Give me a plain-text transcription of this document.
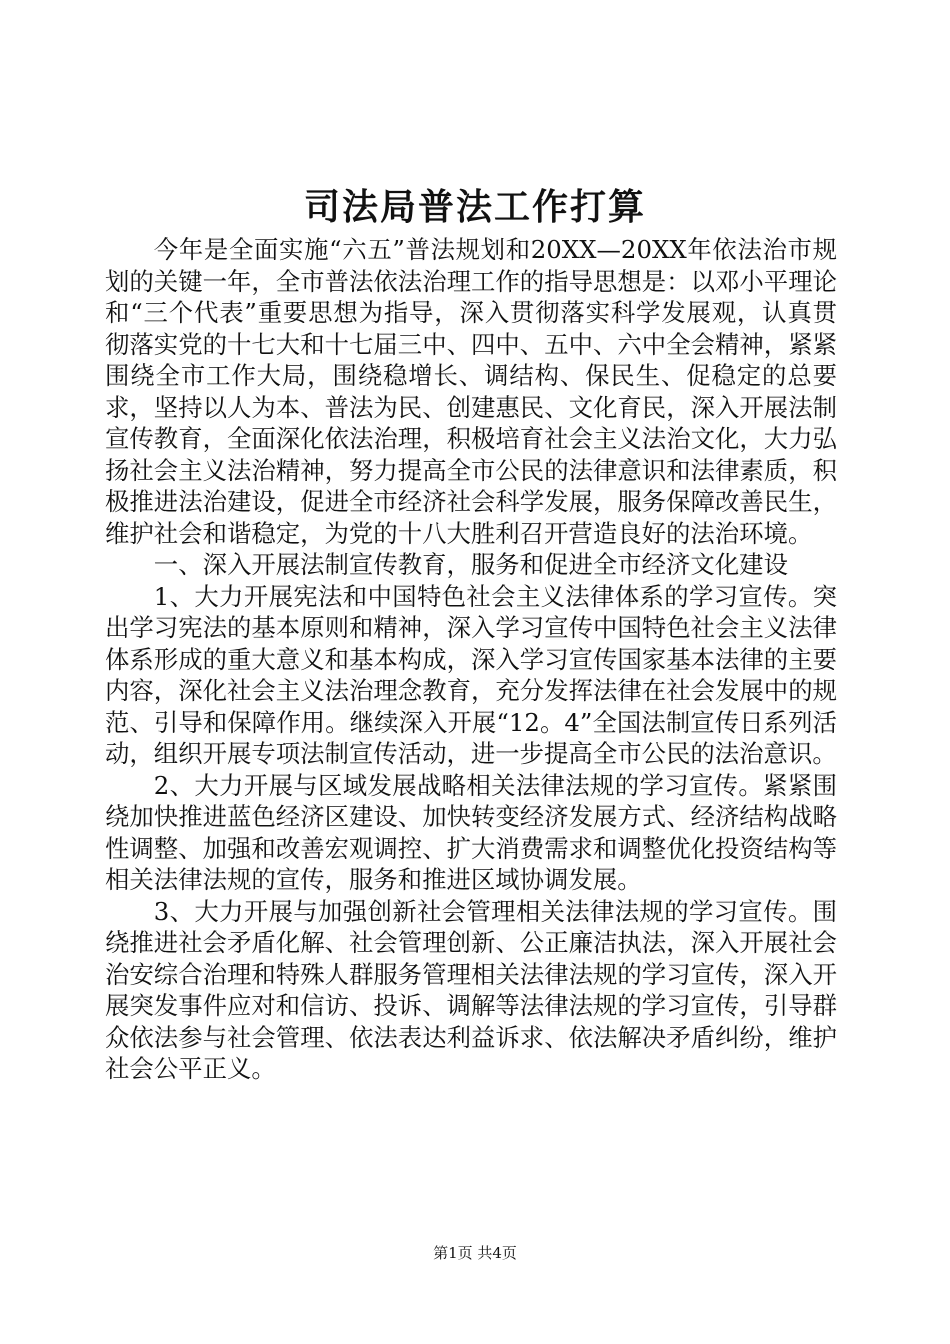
司法局普法工作打算

今年是全面实施“六五”普法规划和20XX—20XX年依法治市规划的关键一年，全市普法依法治理工作的指导思想是：以邓小平理论和“三个代表”重要思想为指导，深入贯彻落实科学发展观，认真贯彻落实党的十七大和十七届三中、四中、五中、六中全会精神，紧紧围绕全市工作大局，围绕稳增长、调结构、保民生、促稳定的总要求，坚持以人为本、普法为民、创建惠民、文化育民，深入开展法制宣传教育，全面深化依法治理，积极培育社会主义法治文化，大力弘扬社会主义法治精神，努力提高全市公民的法律意识和法律素质，积极推进法治建设，促进全市经济社会科学发展，服务保障改善民生，维护社会和谐稳定，为党的十八大胜利召开营造良好的法治环境。

一、深入开展法制宣传教育，服务和促进全市经济文化建设

1、大力开展宪法和中国特色社会主义法律体系的学习宣传。突出学习宪法的基本原则和精神，深入学习宣传中国特色社会主义法律体系形成的重大意义和基本构成，深入学习宣传国家基本法律的主要内容，深化社会主义法治理念教育，充分发挥法律在社会发展中的规范、引导和保障作用。继续深入开展“12。4”全国法制宣传日系列活动，组织开展专项法制宣传活动，进一步提高全市公民的法治意识。

2、大力开展与区域发展战略相关法律法规的学习宣传。紧紧围绕加快推进蓝色经济区建设、加快转变经济发展方式、经济结构战略性调整、加强和改善宏观调控、扩大消费需求和调整优化投资结构等相关法律法规的宣传，服务和推进区域协调发展。

3、大力开展与加强创新社会管理相关法律法规的学习宣传。围绕推进社会矛盾化解、社会管理创新、公正廉洁执法，深入开展社会治安综合治理和特殊人群服务管理相关法律法规的学习宣传，深入开展突发事件应对和信访、投诉、调解等法律法规的学习宣传，引导群众依法参与社会管理、依法表达利益诉求、依法解决矛盾纠纷，维护社会公平正义。

第1页 共4页
